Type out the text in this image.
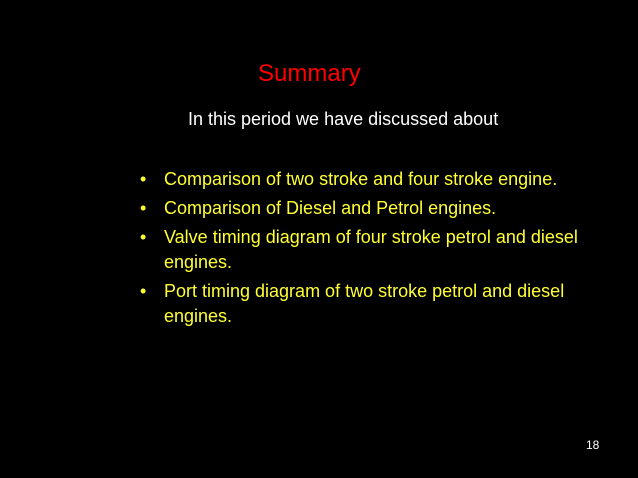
Summary
In this period we have discussed about
• Comparison of two stroke and four stroke engine.
• Comparison of Diesel and Petrol engines.
• Valve timing diagram of four stroke petrol and diesel engines.
• Port timing diagram of two stroke petrol and diesel engines.
18
